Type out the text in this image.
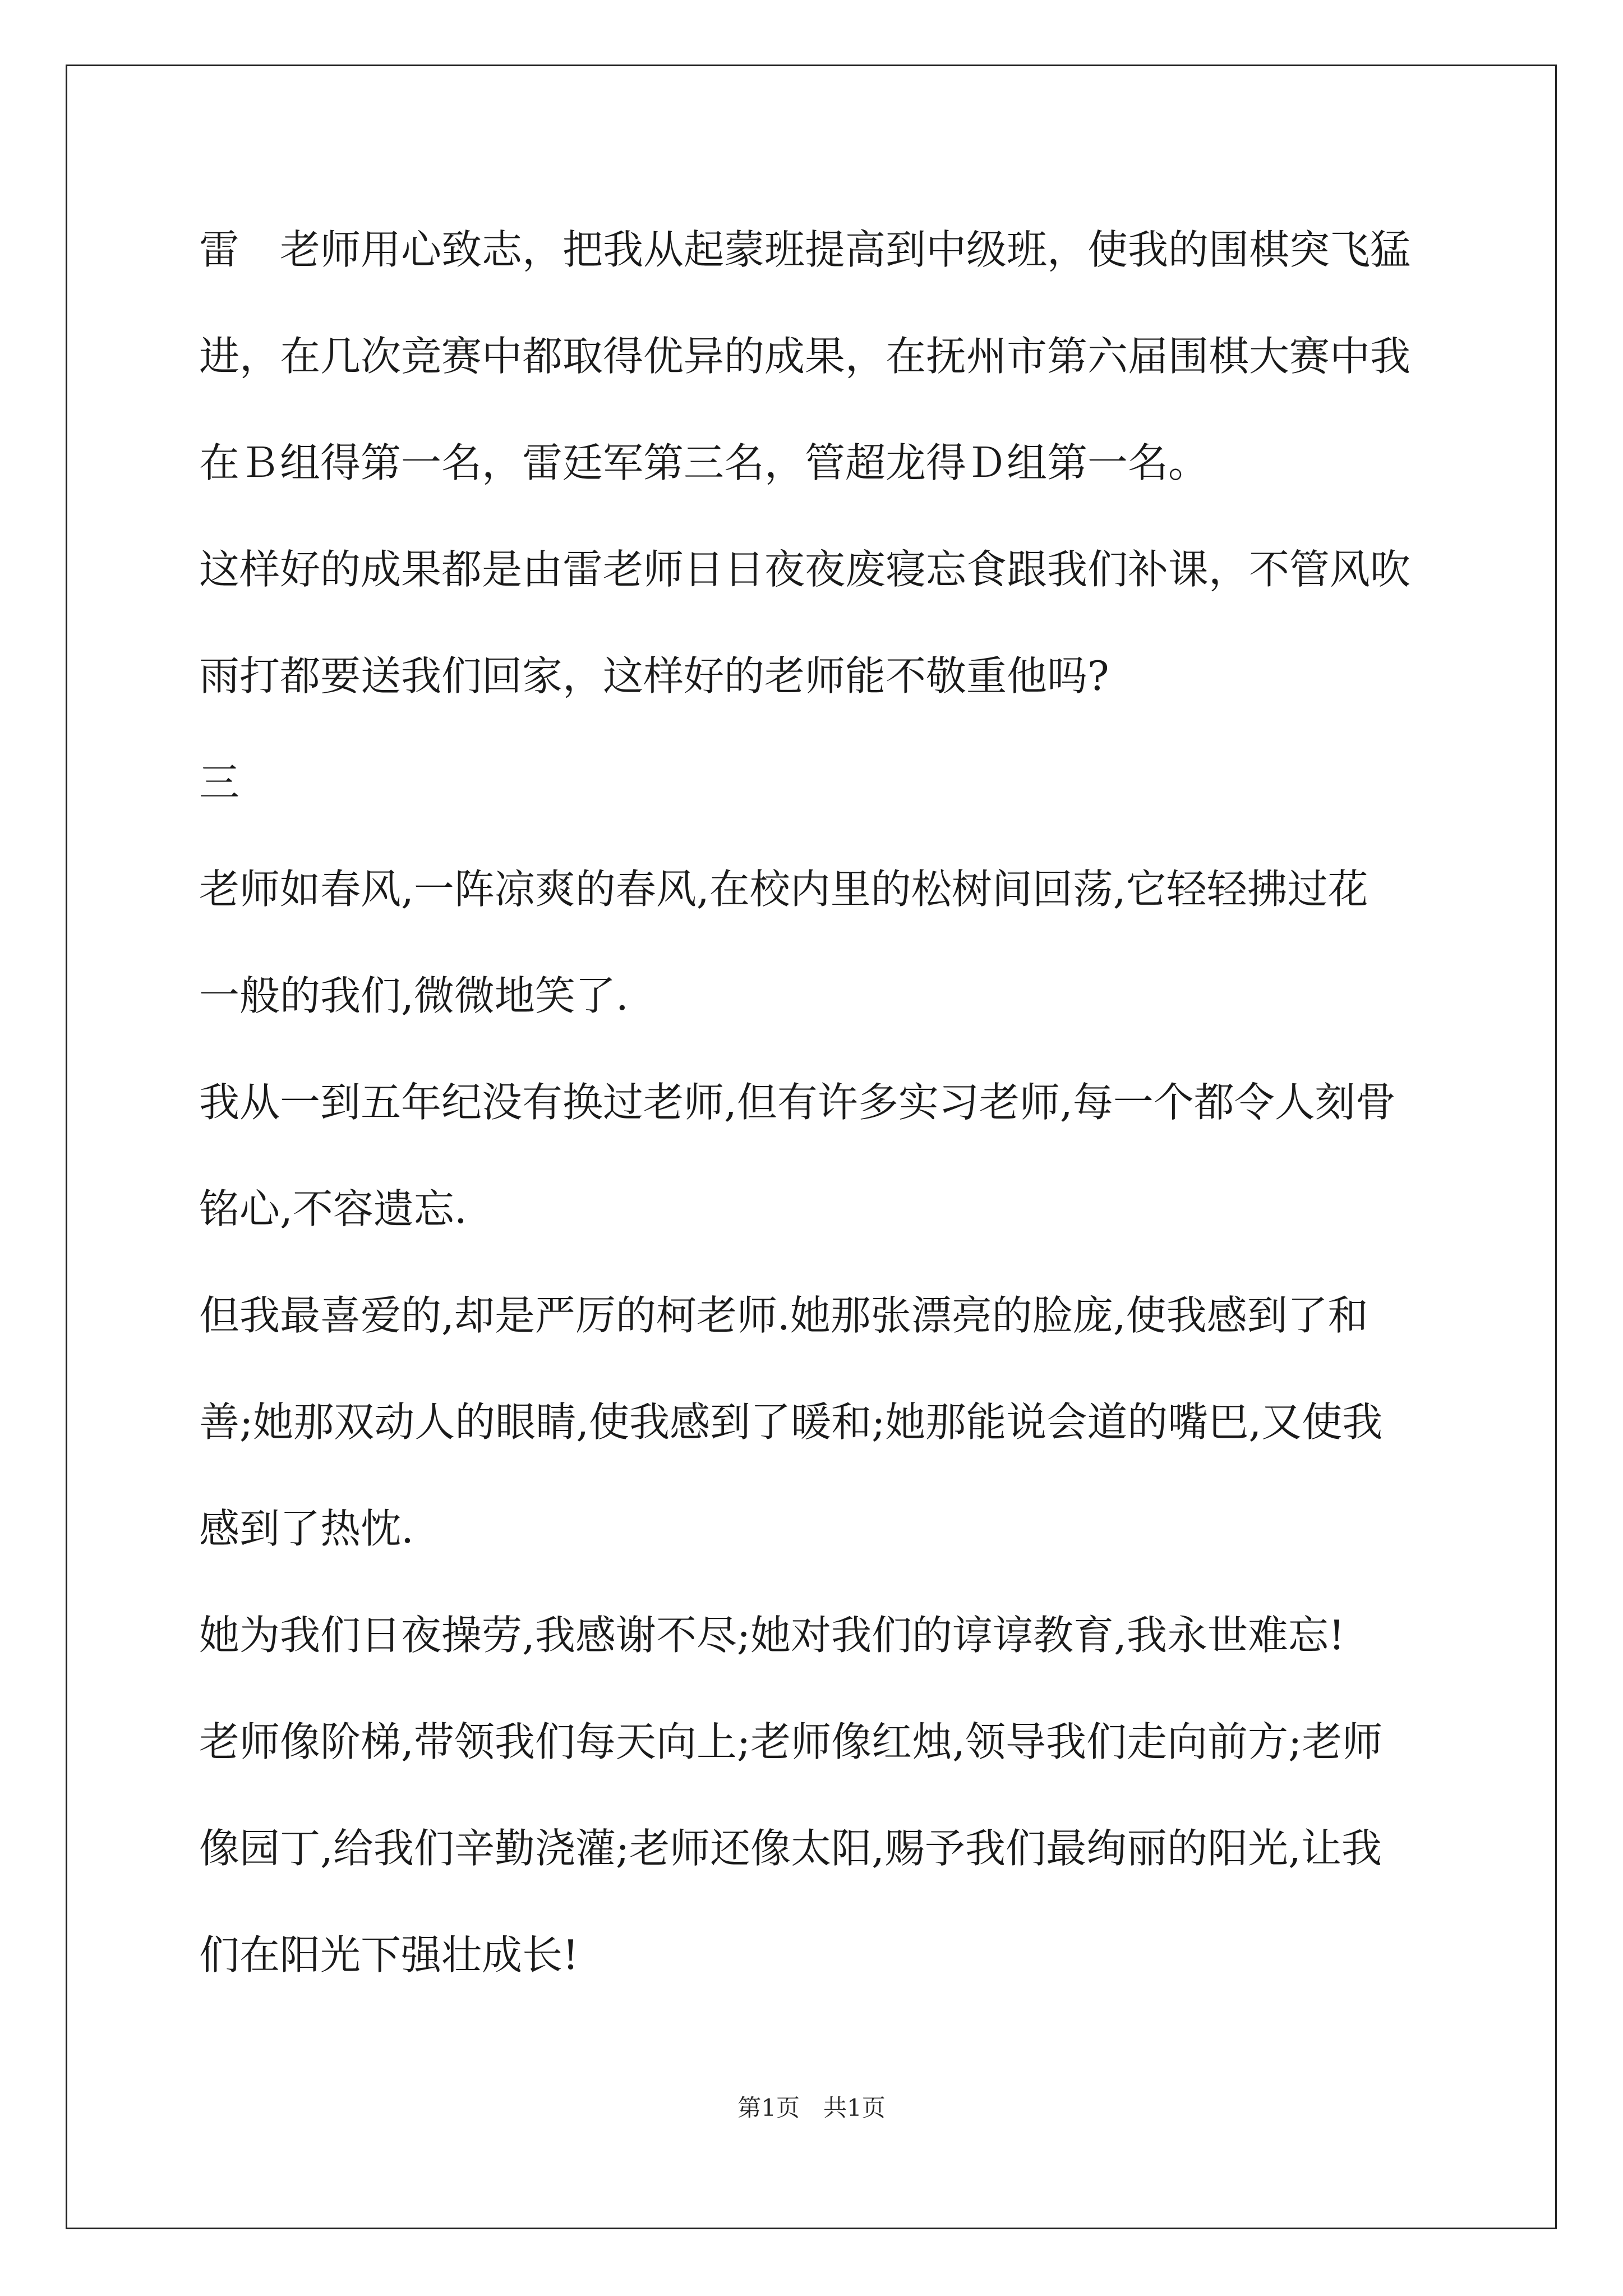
雷　老师用心致志，把我从起蒙班提高到中级班，使我的围棋突飞猛
进，在几次竞赛中都取得优异的成果，在抚州市第六届围棋大赛中我
在Ｂ组得第一名，雷廷军第三名，管超龙得Ｄ组第一名。
这样好的成果都是由雷老师日日夜夜废寝忘食跟我们补课，不管风吹
雨打都要送我们回家，这样好的老师能不敬重他吗?
三
老师如春风,一阵凉爽的春风,在校内里的松树间回荡,它轻轻拂过花
一般的我们,微微地笑了.
我从一到五年纪没有换过老师,但有许多实习老师,每一个都令人刻骨
铭心,不容遗忘.
但我最喜爱的,却是严厉的柯老师.她那张漂亮的脸庞,使我感到了和
善;她那双动人的眼睛,使我感到了暖和;她那能说会道的嘴巴,又使我
感到了热忱.
她为我们日夜操劳,我感谢不尽;她对我们的谆谆教育,我永世难忘!
老师像阶梯,带领我们每天向上;老师像红烛,领导我们走向前方;老师
像园丁,给我们辛勤浇灌;老师还像太阳,赐予我们最绚丽的阳光,让我
们在阳光下强壮成长!
第1页　共1页
